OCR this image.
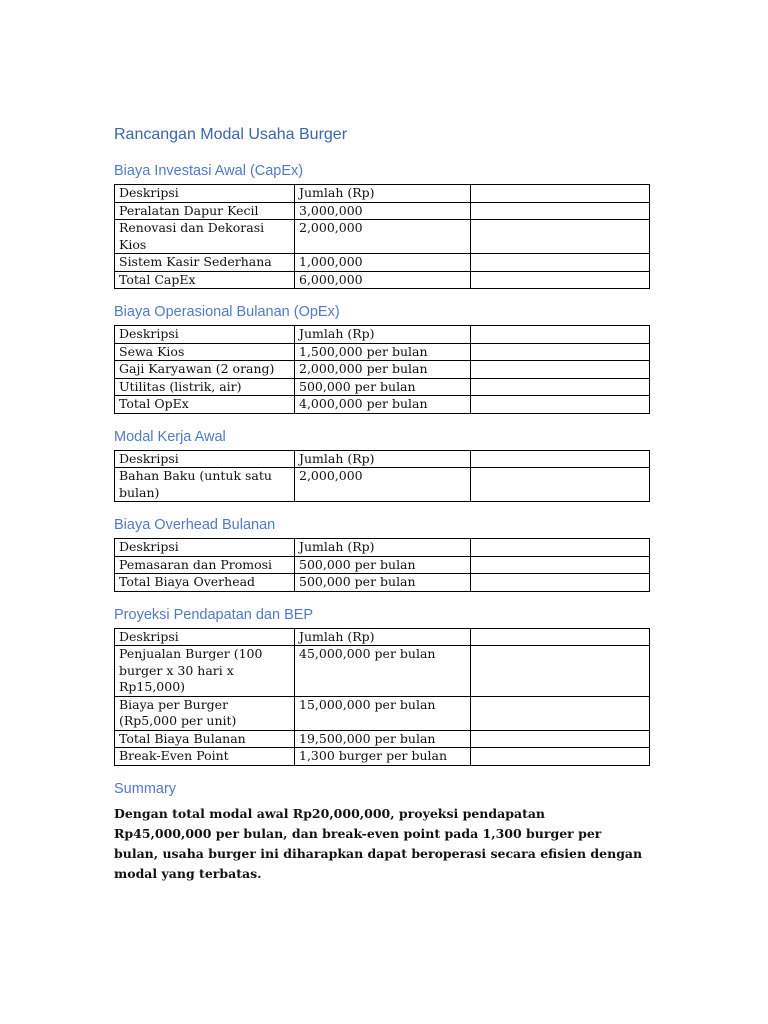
Rancangan Modal Usaha Burger
Biaya Investasi Awal (CapEx)
Deskripsi	Jumlah (Rp)	
Peralatan Dapur Kecil	3,000,000	
Renovasi dan Dekorasi Kios	2,000,000	
Sistem Kasir Sederhana	1,000,000	
Total CapEx	6,000,000	
Biaya Operasional Bulanan (OpEx)
Deskripsi	Jumlah (Rp)	
Sewa Kios	1,500,000 per bulan	
Gaji Karyawan (2 orang)	2,000,000 per bulan	
Utilitas (listrik, air)	500,000 per bulan	
Total OpEx	4,000,000 per bulan	
Modal Kerja Awal
Deskripsi	Jumlah (Rp)	
Bahan Baku (untuk satu bulan)	2,000,000	
Biaya Overhead Bulanan
Deskripsi	Jumlah (Rp)	
Pemasaran dan Promosi	500,000 per bulan	
Total Biaya Overhead	500,000 per bulan	
Proyeksi Pendapatan dan BEP
Deskripsi	Jumlah (Rp)	
Penjualan Burger (100 burger x 30 hari x Rp15,000)	45,000,000 per bulan	
Biaya per Burger (Rp5,000 per unit)	15,000,000 per bulan	
Total Biaya Bulanan	19,500,000 per bulan	
Break-Even Point	1,300 burger per bulan	
Summary

Dengan total modal awal Rp20,000,000, proyeksi pendapatan Rp45,000,000 per bulan, dan break-even point pada 1,300 burger per bulan, usaha burger ini diharapkan dapat beroperasi secara efisien dengan modal yang terbatas.
